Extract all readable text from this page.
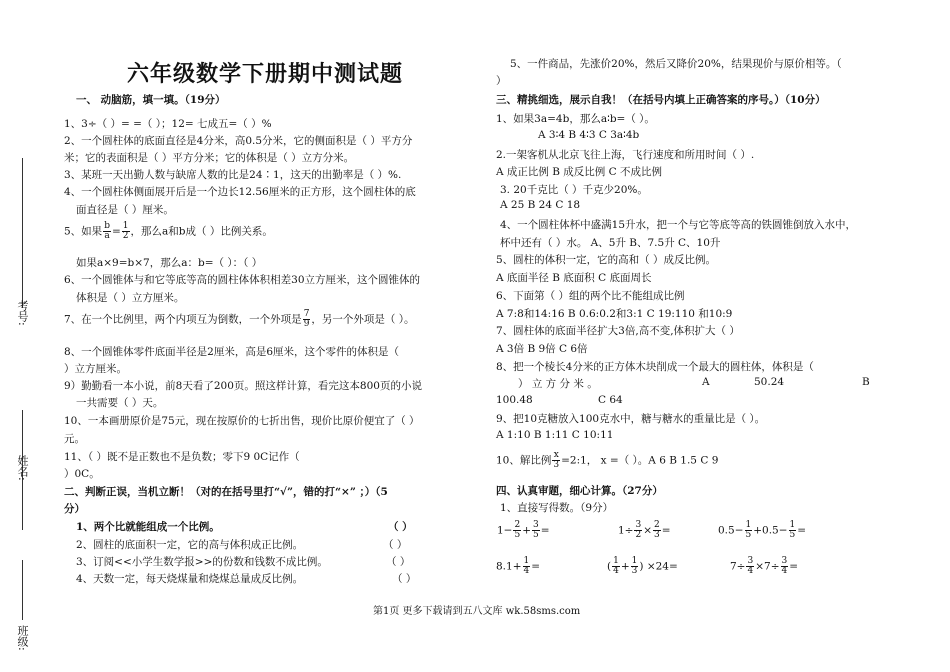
考号:
姓名:
班级:
六年级数学下册期中测试题
一、 动脑筋，填一填。（19分）
1、3÷（ ）= =（ ）；12= 七成五=（ ）%
2、一个圆柱体的底面直径是4分米，高0.5分米，它的侧面积是（ ）平方分
米；它的表面积是（ ）平方分米；它的体积是（ ）立方分米。
3、某班一天出勤人数与缺席人数的比是24∶1，这天的出勤率是（ ）%.
4、一个圆柱体侧面展开后是一个边长12.56厘米的正方形，这个圆柱体的底
面直径是（ ）厘米。
5、如果 $\frac{b}{a} = \frac{1}{2}$ ，那么a和b成（ ）比例关系。
如果a×9=b×7，那么a：b=（ ）：（ ）
6、一个圆锥体与和它等底等高的圆柱体体积相差30立方厘米，这个圆锥体的
体积是（ ）立方厘米。
7、在一个比例里，两个内项互为倒数，一个外项是 $\frac{7}{9}$ ，另一个外项是（ ）。
8、一个圆锥体零件底面半径是2厘米，高是6厘米，这个零件的体积是（
）立方厘米。
9）勤勤看一本小说，前8天看了200页。照这样计算，看完这本800页的小说
一共需要（ ）天。
10、一本画册原价是75元，现在按原价的七折出售，现价比原价便宜了（ ）
元。
11、（ ）既不是正数也不是负数；零下9 0C记作（
）0C。
二、判断正误，当机立断！（对的在括号里打“√”，错的打“×” ；）（5
分）
1、两个比就能组成一个比例。	（ ）
2、圆柱的底面积一定，它的高与体积成正比例。	（ ）
3、订阅<<小学生数学报>>的份数和钱数不成比例。	（ ）
4、天数一定，每天烧煤量和烧煤总量成反比例。	（ ）
5、一件商品，先涨价20%，然后又降价20%，结果现价与原价相等。（
）
三、精挑细选，展示自我！（在括号内填上正确答案的序号。）（10分）
1、如果3a=4b，那么a∶b=（ ）。
A 3∶4 B 4∶3 C 3a∶4b
2.一架客机从北京飞往上海，飞行速度和所用时间（ ）.
A 成正比例 B 成反比例 C 不成比例
3. 20千克比（ ）千克少20%。
A 25 B 24 C 18
4、一个圆柱体杯中盛满15升水，把一个与它等底等高的铁圆锥倒放入水中，
杯中还有（ ）水。 A、5升 B、7.5升 C、10升
5、圆柱的体积一定，它的高和（ ）成反比例。
A 底面半径 B 底面积 C 底面周长
6、下面第（ ）组的两个比不能组成比例
A 7:8和14:16 B 0.6:0.2和3:1 C 19:110 和10:9
7、圆柱体的底面半径扩大3倍,高不变,体积扩大（ ）
A 3倍 B 9倍 C 6倍
8、把一个棱长4分米的正方体木块削成一个最大的圆柱体，体积是（
） 立 方 分 米 。	A	50.24	B
100.48	C 64
9、把10克糖放入100克水中，糖与糖水的重量比是（ ）。
A 1:10 B 1:11 C 10:11
10、解比例 $\frac{x}{3}$ =2:1， x =（ ）。A 6 B 1.5 C 9
四、认真审题，细心计算。（27分）
1、直接写得数。（9分）
$1- \frac{2}{5} + \frac{3}{5}$ =	$1\div \frac{3}{2} \times \frac{2}{3}$ =	$0.5- \frac{1}{5} +0.5- \frac{1}{5}$ =
$8.1+ \frac{1}{4}$ =	( $\frac{1}{4} + \frac{1}{3}$ ) ×24=	$7\div \frac{3}{4} \times 7\div \frac{3}{4}$ =
第1页 更多下载请到五八文库 wk.58sms.com
